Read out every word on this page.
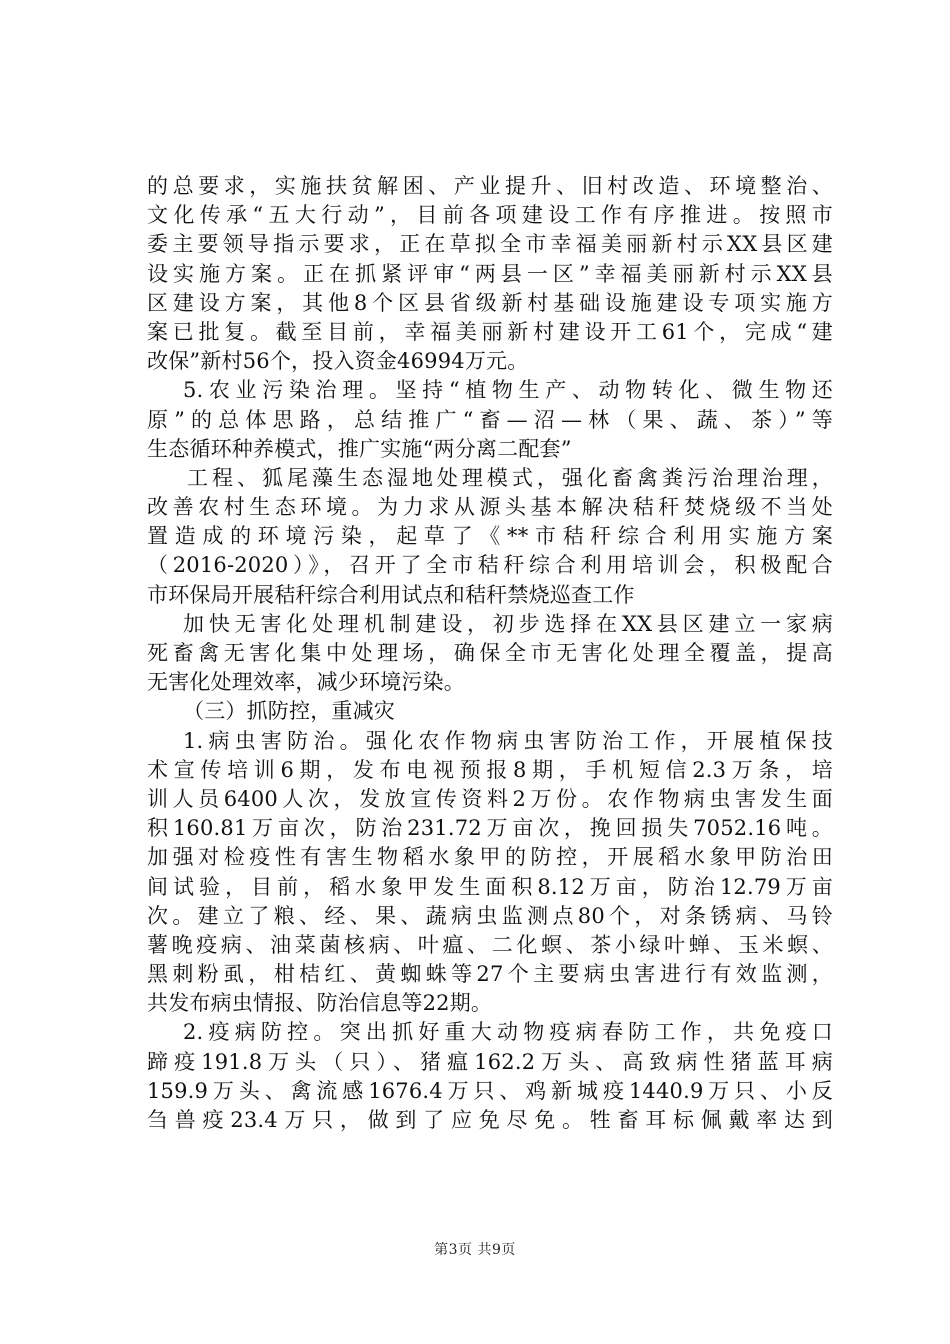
的总要求，实施扶贫解困、产业提升、旧村改造、环境整治、
文化传承“五大行动”，目前各项建设工作有序推进。按照市
委主要领导指示要求，正在草拟全市幸福美丽新村示XX县区建
设实施方案。正在抓紧评审“两县一区”幸福美丽新村示XX县
区建设方案，其他8个区县省级新村基础设施建设专项实施方
案已批复。截至目前，幸福美丽新村建设开工61个，完成“建
改保”新村56个，投入资金46994万元。
5.农业污染治理。坚持“植物生产、动物转化、微生物还
原”的总体思路，总结推广“畜—沼—林（果、蔬、茶）”等
生态循环种养模式，推广实施“两分离二配套”
工程、狐尾藻生态湿地处理模式，强化畜禽粪污治理治理，
改善农村生态环境。为力求从源头基本解决秸秆焚烧级不当处
置造成的环境污染，起草了《**市秸秆综合利用实施方案
（2016-2020）》，召开了全市秸秆综合利用培训会，积极配合
市环保局开展秸秆综合利用试点和秸秆禁烧巡查工作
加快无害化处理机制建设，初步选择在XX县区建立一家病
死畜禽无害化集中处理场，确保全市无害化处理全覆盖，提高
无害化处理效率，减少环境污染。
（三）抓防控，重减灾
1.病虫害防治。强化农作物病虫害防治工作，开展植保技
术宣传培训6期，发布电视预报8期，手机短信2.3万条，培
训人员6400人次，发放宣传资料2万份。农作物病虫害发生面
积160.81万亩次，防治231.72万亩次，挽回损失7052.16吨。
加强对检疫性有害生物稻水象甲的防控，开展稻水象甲防治田
间试验，目前，稻水象甲发生面积8.12万亩，防治12.79万亩
次。建立了粮、经、果、蔬病虫监测点80个，对条锈病、马铃
薯晚疫病、油菜菌核病、叶瘟、二化螟、茶小绿叶蝉、玉米螟、
黑刺粉虱，柑桔红、黄蜘蛛等27个主要病虫害进行有效监测，
共发布病虫情报、防治信息等22期。
2.疫病防控。突出抓好重大动物疫病春防工作，共免疫口
蹄疫191.8万头（只）、猪瘟162.2万头、高致病性猪蓝耳病
159.9万头、禽流感1676.4万只、鸡新城疫1440.9万只、小反
刍兽疫23.4万只，做到了应免尽免。牲畜耳标佩戴率达到
第3页 共9页
